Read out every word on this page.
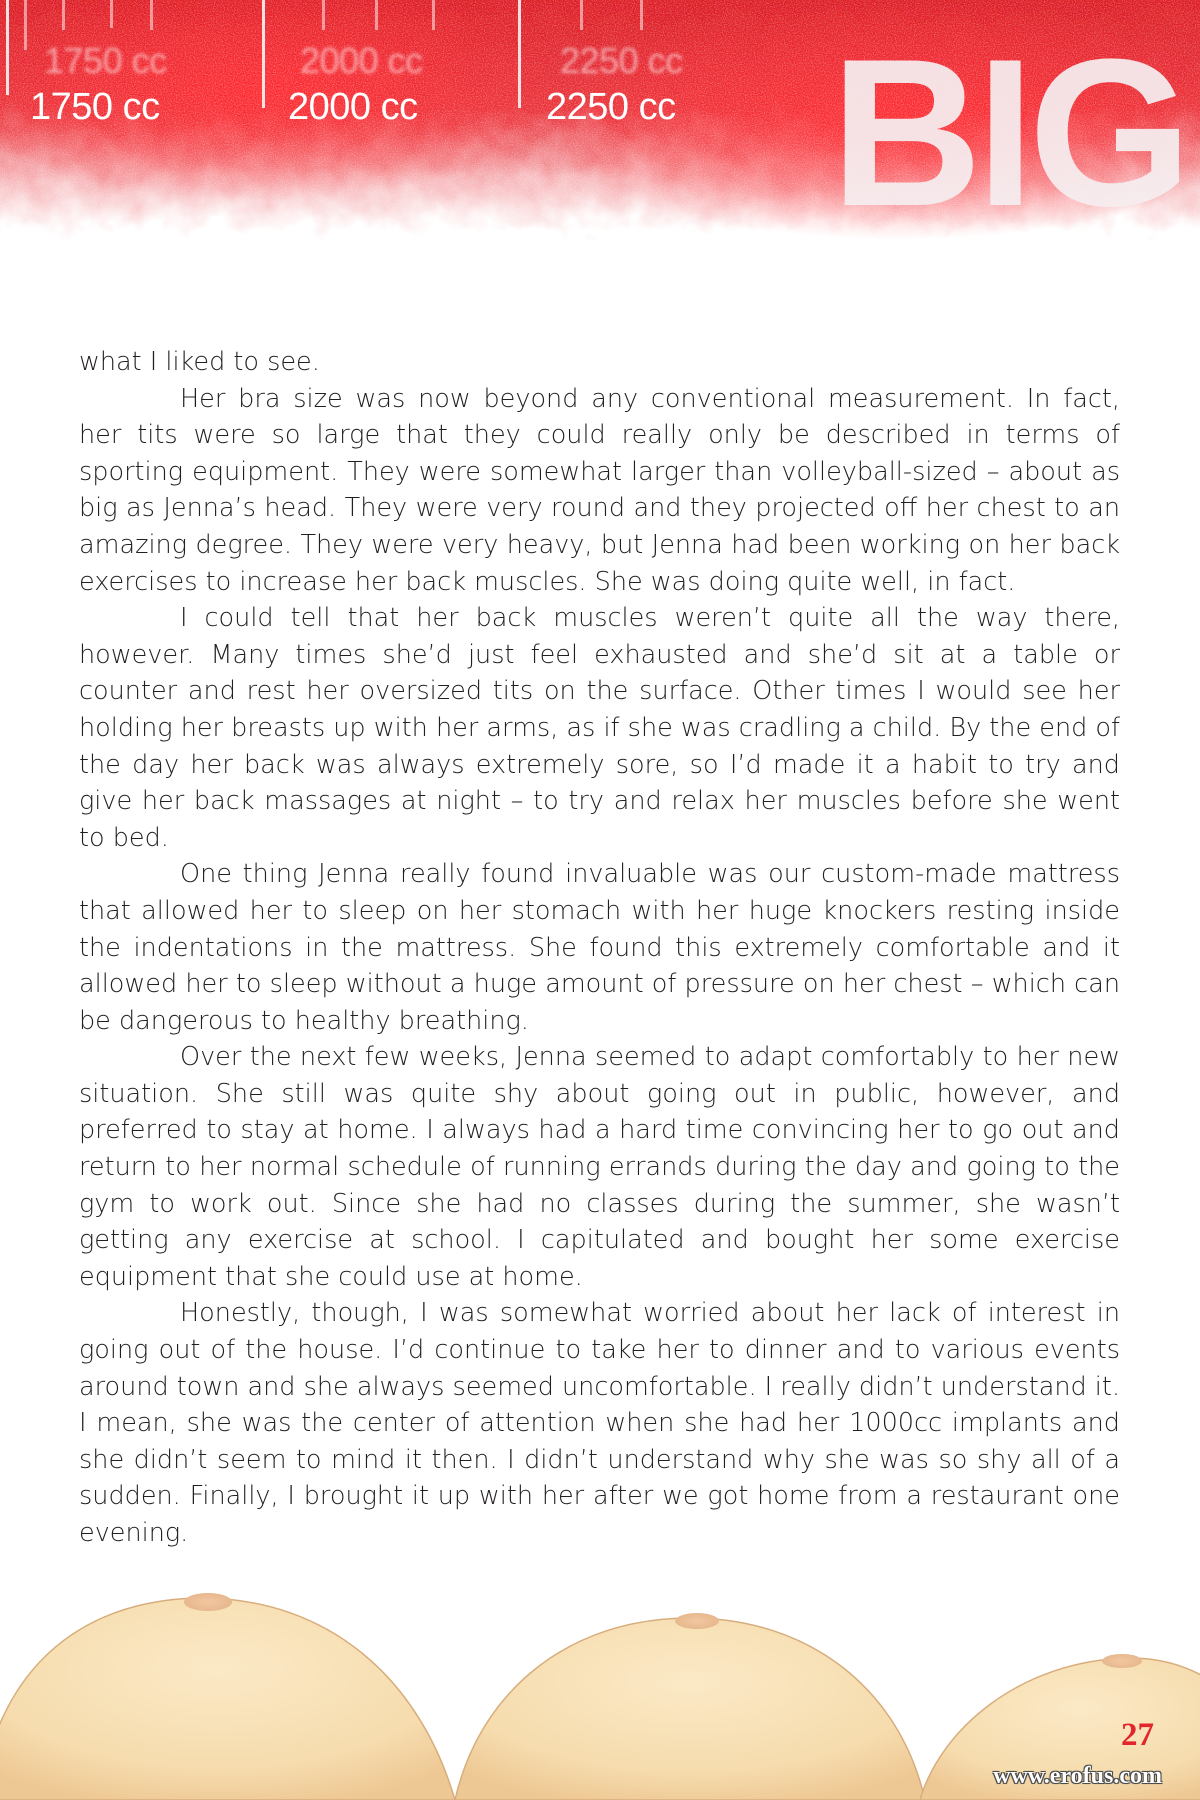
1750 cc
1750 cc
2000 cc
2000 cc
2250 cc
2250 cc BIG

what I liked to see.

Her bra size was now beyond any conventional measurement. In fact, her tits were so large that they could really only be described in terms of sporting equipment. They were somewhat larger than volleyball-sized – about as big as Jenna’s head. They were very round and they projected off her chest to an amazing degree. They were very heavy, but Jenna had been working on her back exercises to increase her back muscles. She was doing quite well, in fact.

I could tell that her back muscles weren’t quite all the way there, however. Many times she’d just feel exhausted and she’d sit at a table or counter and rest her oversized tits on the surface. Other times I would see her holding her breasts up with her arms, as if she was cradling a child. By the end of the day her back was always extremely sore, so I’d made it a habit to try and give her back massages at night – to try and relax her muscles before she went to bed.

One thing Jenna really found invaluable was our custom-made mattress that allowed her to sleep on her stomach with her huge knockers resting inside the indentations in the mattress. She found this extremely comfortable and it allowed her to sleep without a huge amount of pressure on her chest – which can be dangerous to healthy breathing.

Over the next few weeks, Jenna seemed to adapt comfortably to her new situation. She still was quite shy about going out in public, however, and preferred to stay at home. I always had a hard time convincing her to go out and return to her normal schedule of running errands during the day and going to the gym to work out. Since she had no classes during the summer, she wasn’t getting any exercise at school. I capitulated and bought her some exercise equipment that she could use at home.

Honestly, though, I was somewhat worried about her lack of interest in going out of the house. I’d continue to take her to dinner and to various events around town and she always seemed uncomfortable. I really didn’t understand it. I mean, she was the center of attention when she had her 1000cc implants and she didn’t seem to mind it then. I didn’t understand why she was so shy all of a sudden. Finally, I brought it up with her after we got home from a restaurant one evening.

27
www.erofus.com
